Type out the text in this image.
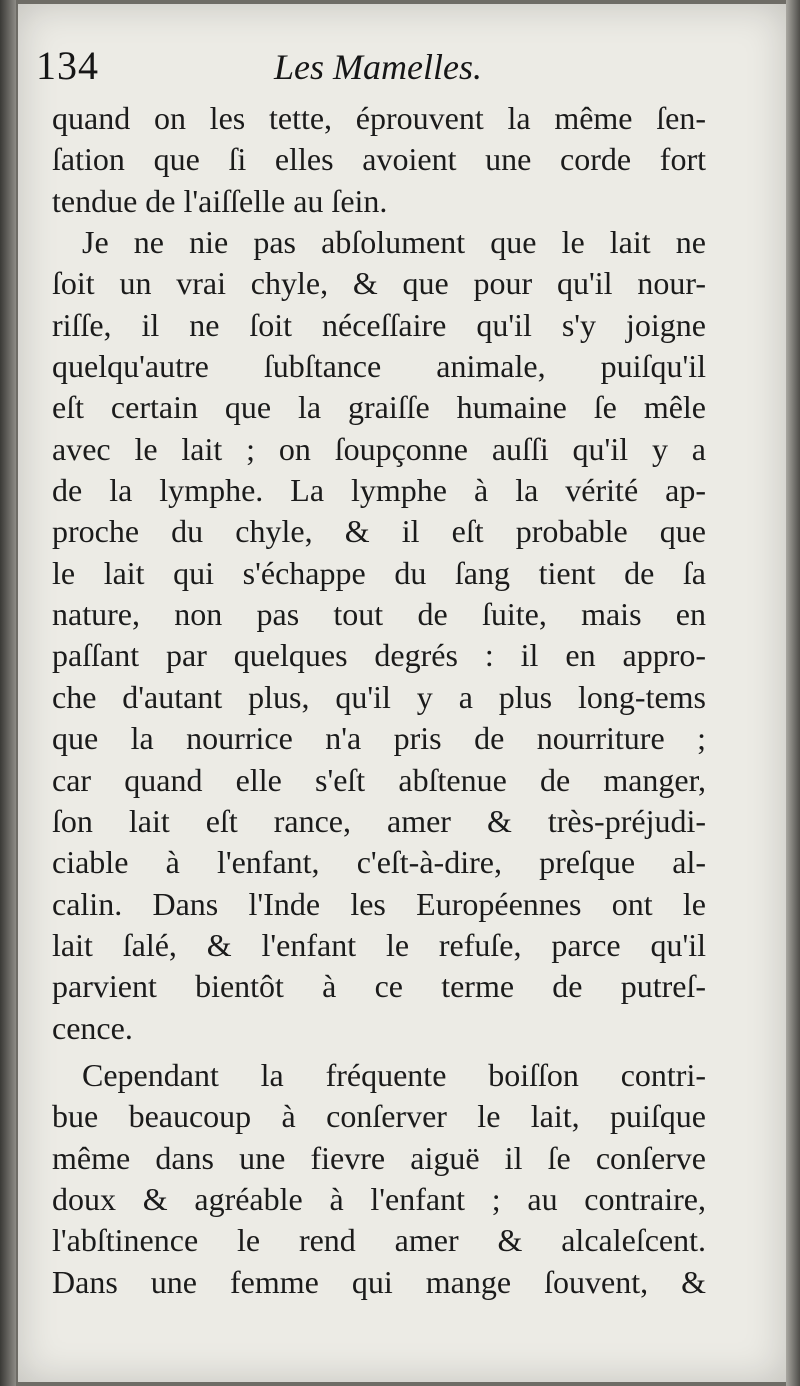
134	Les Mamelles.
quand on les tette, éprouvent la même ſen-
ſation que ſi elles avoient une corde fort
tendue de l'aiſſelle au ſein.
Je ne nie pas abſolument que le lait ne
ſoit un vrai chyle, & que pour qu'il nour-
riſſe, il ne ſoit néceſſaire qu'il s'y joigne
quelqu'autre ſubſtance animale, puiſqu'il
eſt certain que la graiſſe humaine ſe mêle
avec le lait ; on ſoupçonne auſſi qu'il y a
de la lymphe. La lymphe à la vérité ap-
proche du chyle, & il eſt probable que
le lait qui s'échappe du ſang tient de ſa
nature, non pas tout de ſuite, mais en
paſſant par quelques degrés : il en appro-
che d'autant plus, qu'il y a plus long-tems
que la nourrice n'a pris de nourriture ;
car quand elle s'eſt abſtenue de manger,
ſon lait eſt rance, amer & très-préjudi-
ciable à l'enfant, c'eſt-à-dire, preſque al-
calin. Dans l'Inde les Européennes ont le
lait ſalé, & l'enfant le refuſe, parce qu'il
parvient bientôt à ce terme de putreſ-
cence.
Cependant la fréquente boiſſon contri-
bue beaucoup à conſerver le lait, puiſque
même dans une fievre aiguë il ſe conſerve
doux & agréable à l'enfant ; au contraire,
l'abſtinence le rend amer & alcaleſcent.
Dans une femme qui mange ſouvent, &
